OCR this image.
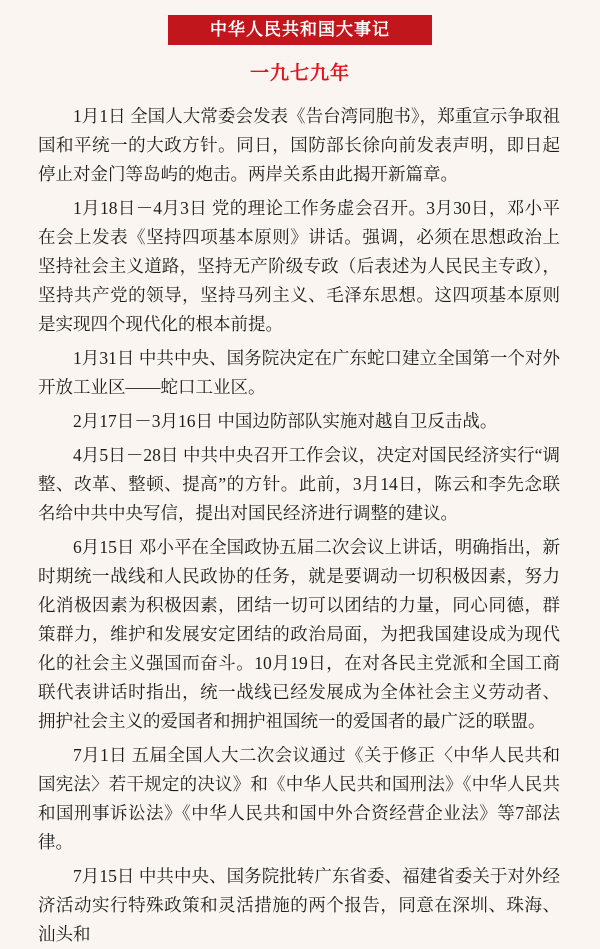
中华人民共和国大事记
一九七九年

1月1日 全国人大常委会发表《告台湾同胞书》，郑重宣示争取祖国和平统一的大政方针。同日，国防部长徐向前发表声明，即日起停止对金门等岛屿的炮击。两岸关系由此揭开新篇章。

1月18日－4月3日 党的理论工作务虚会召开。3月30日，邓小平在会上发表《坚持四项基本原则》讲话。强调，必须在思想政治上坚持社会主义道路，坚持无产阶级专政（后表述为人民民主专政），坚持共产党的领导，坚持马列主义、毛泽东思想。这四项基本原则是实现四个现代化的根本前提。

1月31日 中共中央、国务院决定在广东蛇口建立全国第一个对外开放工业区——蛇口工业区。

2月17日－3月16日 中国边防部队实施对越自卫反击战。

4月5日－28日 中共中央召开工作会议，决定对国民经济实行“调整、改革、整顿、提高”的方针。此前，3月14日，陈云和李先念联名给中共中央写信，提出对国民经济进行调整的建议。

6月15日 邓小平在全国政协五届二次会议上讲话，明确指出，新时期统一战线和人民政协的任务，就是要调动一切积极因素，努力化消极因素为积极因素，团结一切可以团结的力量，同心同德，群策群力，维护和发展安定团结的政治局面，为把我国建设成为现代化的社会主义强国而奋斗。10月19日，在对各民主党派和全国工商联代表讲话时指出，统一战线已经发展成为全体社会主义劳动者、拥护社会主义的爱国者和拥护祖国统一的爱国者的最广泛的联盟。

7月1日 五届全国人大二次会议通过《关于修正〈中华人民共和国宪法〉若干规定的决议》和《中华人民共和国刑法》《中华人民共和国刑事诉讼法》《中华人民共和国中外合资经营企业法》等7部法律。

7月15日 中共中央、国务院批转广东省委、福建省委关于对外经济活动实行特殊政策和灵活措施的两个报告，同意在深圳、珠海、汕头和
